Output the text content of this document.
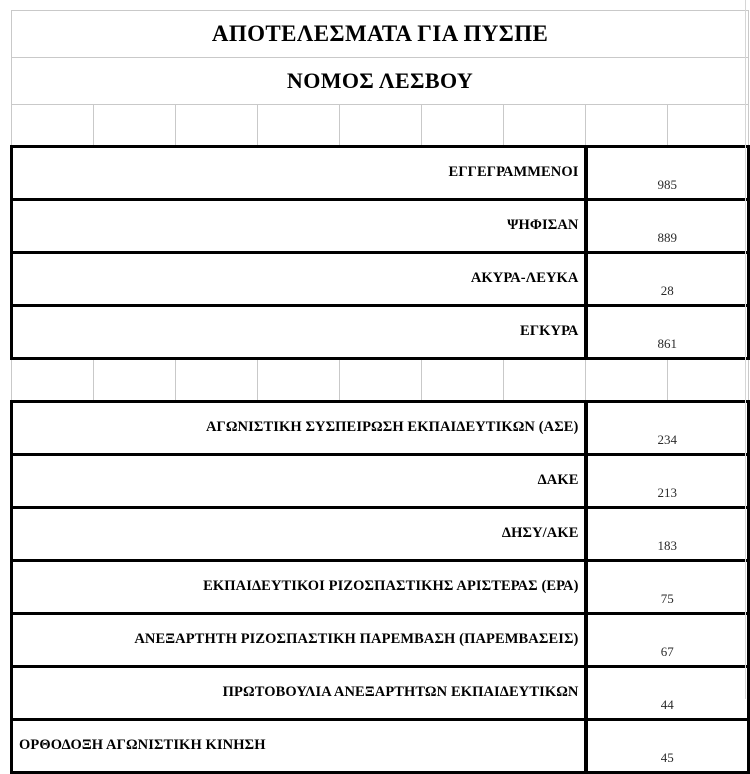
ΑΠΟΤΕΛΕΣΜΑΤΑ ΓΙΑ ΠΥΣΠΕ								
ΝΟΜΟΣ ΛΕΣΒΟΥ								

ΕΓΓΕΓΡΑΜΜΕΝΟΙ							985	
ΨΗΦΙΣΑΝ							889	
ΑΚΥΡΑ-ΛΕΥΚΑ							28	
ΕΓΚΥΡΑ							861	

ΑΓΩΝΙΣΤΙΚΗ ΣΥΣΠΕΙΡΩΣΗ ΕΚΠΑΙΔΕΥΤΙΚΩΝ (ΑΣΕ)							234	
ΔΑΚΕ							213	
ΔΗΣΥ/ΑΚΕ							183	
ΕΚΠΑΙΔΕΥΤΙΚΟΙ ΡΙΖΟΣΠΑΣΤΙΚΗΣ ΑΡΙΣΤΕΡΑΣ (ΕΡΑ)							75	
ΑΝΕΞΑΡΤΗΤΗ ΡΙΖΟΣΠΑΣΤΙΚΗ ΠΑΡΕΜΒΑΣΗ (ΠΑΡΕΜΒΑΣΕΙΣ)							67	
ΠΡΩΤΟΒΟΥΛΙΑ ΑΝΕΞΑΡΤΗΤΩΝ ΕΚΠΑΙΔΕΥΤΙΚΩΝ							44	
ΟΡΘΟΔΟΞΗ ΑΓΩΝΙΣΤΙΚΗ ΚΙΝΗΣΗ							45	
